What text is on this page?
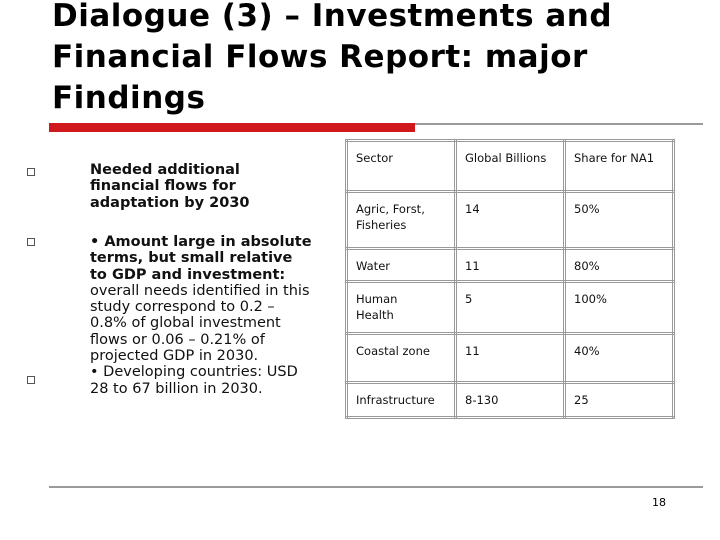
Dialogue (3) – Investments and
Financial Flows Report: major
Findings
Needed additional
financial flows for
adaptation by 2030
• Amount large in absolute
terms, but small relative
to GDP and investment:
overall needs identified in this
study correspond to 0.2 –
0.8% of global investment
flows or 0.06 – 0.21% of
projected GDP in 2030.
• Developing countries: USD
28 to 67 billion in 2030.
Sector	Global Billions	Share for NA1
Agric, Forst,
Fisheries	14	50%
Water	11	80%
Human
Health	5	100%
Coastal zone	11	40%
Infrastructure	8-130	25
18
